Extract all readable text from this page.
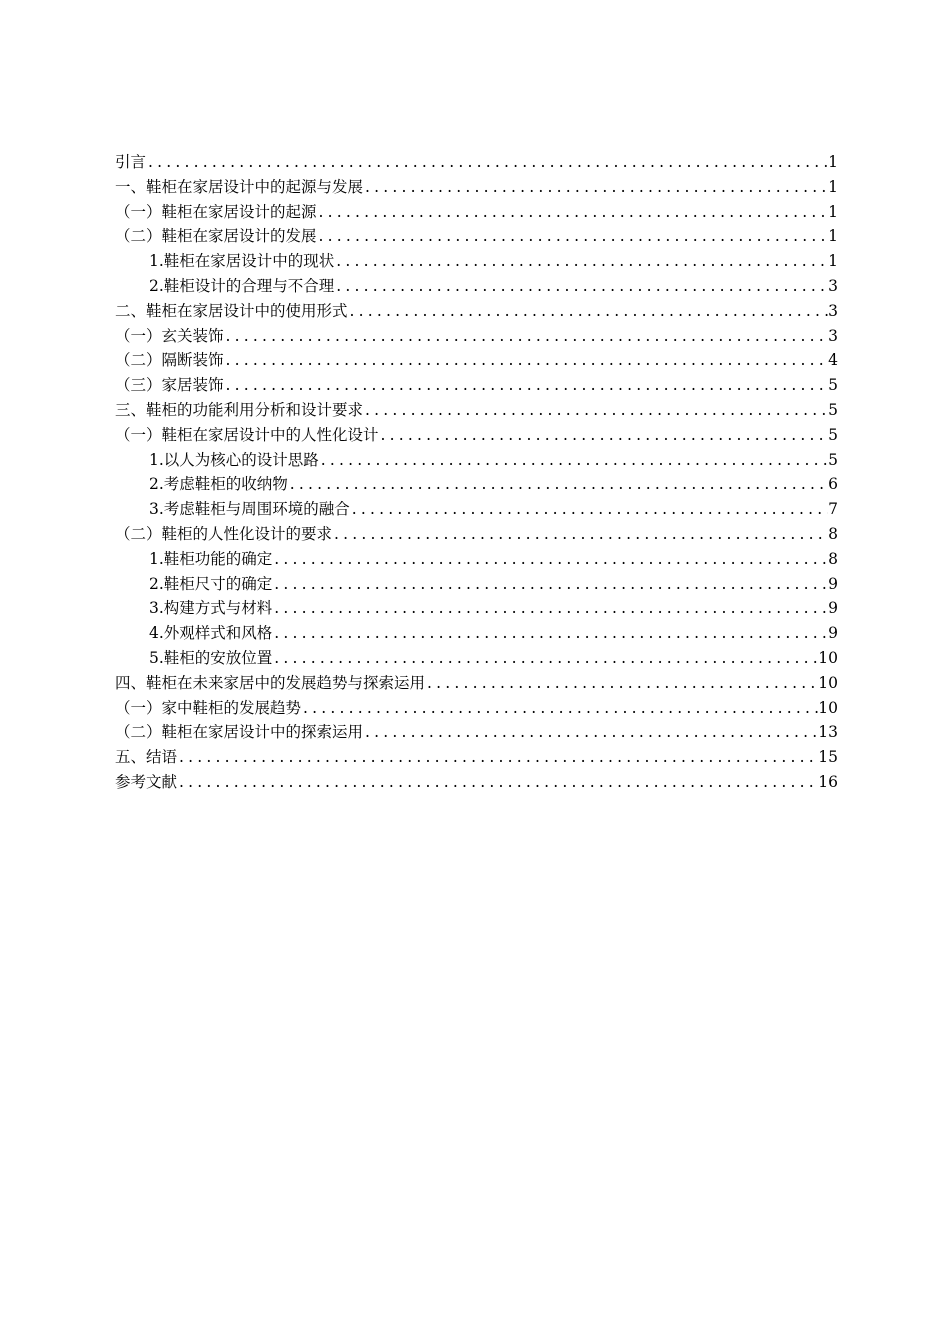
引言 .....	1
一、鞋柜在家居设计中的起源与发展 .....	1
（一）鞋柜在家居设计的起源 .....	1
（二）鞋柜在家居设计的发展 .....	1
1.鞋柜在家居设计中的现状 .....	1
2.鞋柜设计的合理与不合理 .....	3
二、鞋柜在家居设计中的使用形式 .....	3
（一）玄关装饰 .....	3
（二）隔断装饰 .....	4
（三）家居装饰 .....	5
三、鞋柜的功能利用分析和设计要求 .....	5
（一）鞋柜在家居设计中的人性化设计 .....	5
1.以人为核心的设计思路 .....	5
2.考虑鞋柜的收纳物 .....	6
3.考虑鞋柜与周围环境的融合 .....	7
（二）鞋柜的人性化设计的要求 .....	8
1.鞋柜功能的确定 .....	8
2.鞋柜尺寸的确定 .....	9
3.构建方式与材料 .....	9
4.外观样式和风格 .....	9
5.鞋柜的安放位置 .....	10
四、鞋柜在未来家居中的发展趋势与探索运用 .....	10
（一）家中鞋柜的发展趋势 .....	10
（二）鞋柜在家居设计中的探索运用 .....	13
五、结语 .....	15
参考文献 .....	16
